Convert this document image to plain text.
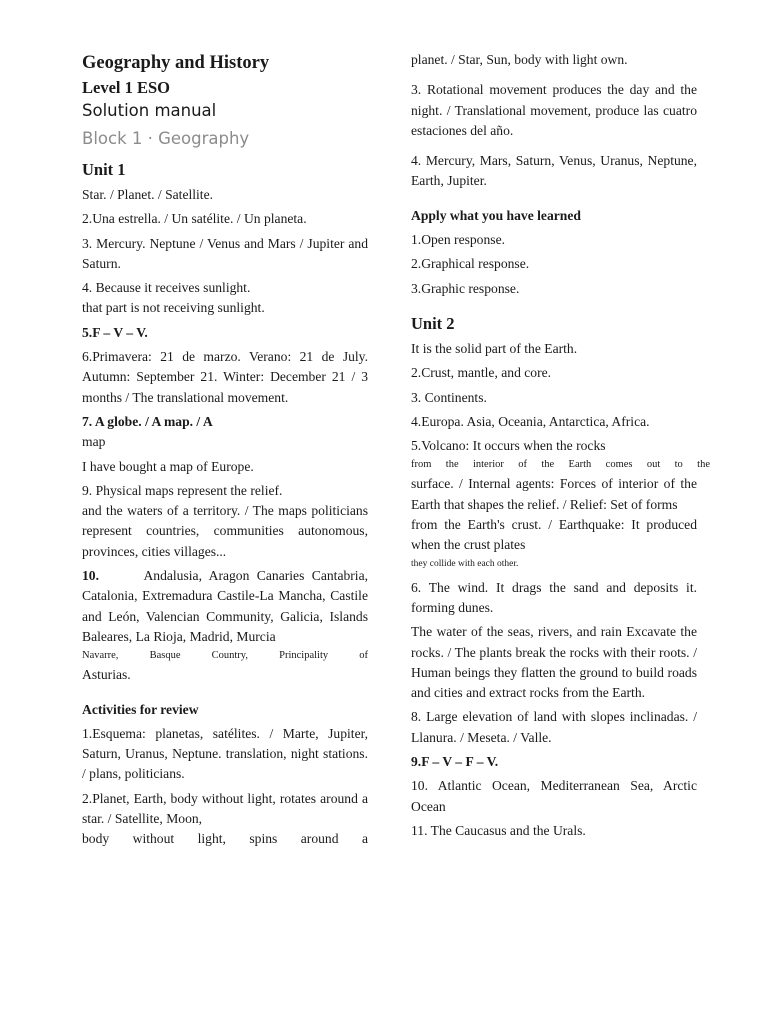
Geography and History
Level 1 ESO
Solution manual
Block 1 · Geography
Unit 1

Star. / Planet. / Satellite.

2.Una estrella. / Un satélite. / Un planeta.

3. Mercury. Neptune / Venus and Mars / Jupiter and Saturn.

4. Because it receives sunlight.

that part is not receiving sunlight.

5.F – V – V.

6.Primavera: 21 de marzo. Verano: 21 de July. Autumn: September 21. Winter: December 21 / 3 months / The translational movement.

7. A globe. / A map. / A

map

I have bought a map of Europe.

9. Physical maps represent the relief.

and the waters of a territory. / The maps politicians represent countries, communities autonomous, provinces, cities villages...

10.	Andalusia, Aragon Canaries Cantabria, Catalonia, Extremadura Castile-La Mancha, Castile and León, Valencian Community, Galicia, Islands Baleares, La Rioja, Madrid, Murcia

Navarre, Basque Country, Principality of

Asturias.

Activities for review

1.Esquema: planetas, satélites. / Marte, Jupiter, Saturn, Uranus, Neptune. translation, night stations. / plans, politicians.

2.Planet, Earth, body without light, rotates around a star. / Satellite, Moon,

body without light, spins around a

planet. / Star, Sun, body with light own.

3. Rotational movement produces the day and the night. / Translational movement, produce las cuatro estaciones del año.

4. Mercury, Mars, Saturn, Venus, Uranus, Neptune, Earth, Jupiter.

Apply what you have learned

1.Open response.

2.Graphical response.

3.Graphic response.

Unit 2

It is the solid part of the Earth.

2.Crust, mantle, and core.

3. Continents.

4.Europa. Asia, Oceania, Antarctica, Africa.

5.Volcano: It occurs when the rocks

from the interior of the Earth comes out to the

surface. / Internal agents: Forces of interior of the Earth that shapes the relief. / Relief: Set of forms

from the Earth's crust. / Earthquake: It produced when the crust plates

they collide with each other.

6. The wind. It drags the sand and deposits it. forming dunes.

The water of the seas, rivers, and rain Excavate the rocks. / The plants break the rocks with their roots. / Human beings they flatten the ground to build roads and cities and extract rocks from the Earth.

8. Large elevation of land with slopes inclinadas. / Llanura. / Meseta. / Valle.

9.F – V – F – V.

10. Atlantic Ocean, Mediterranean Sea, Arctic Ocean

11. The Caucasus and the Urals.
